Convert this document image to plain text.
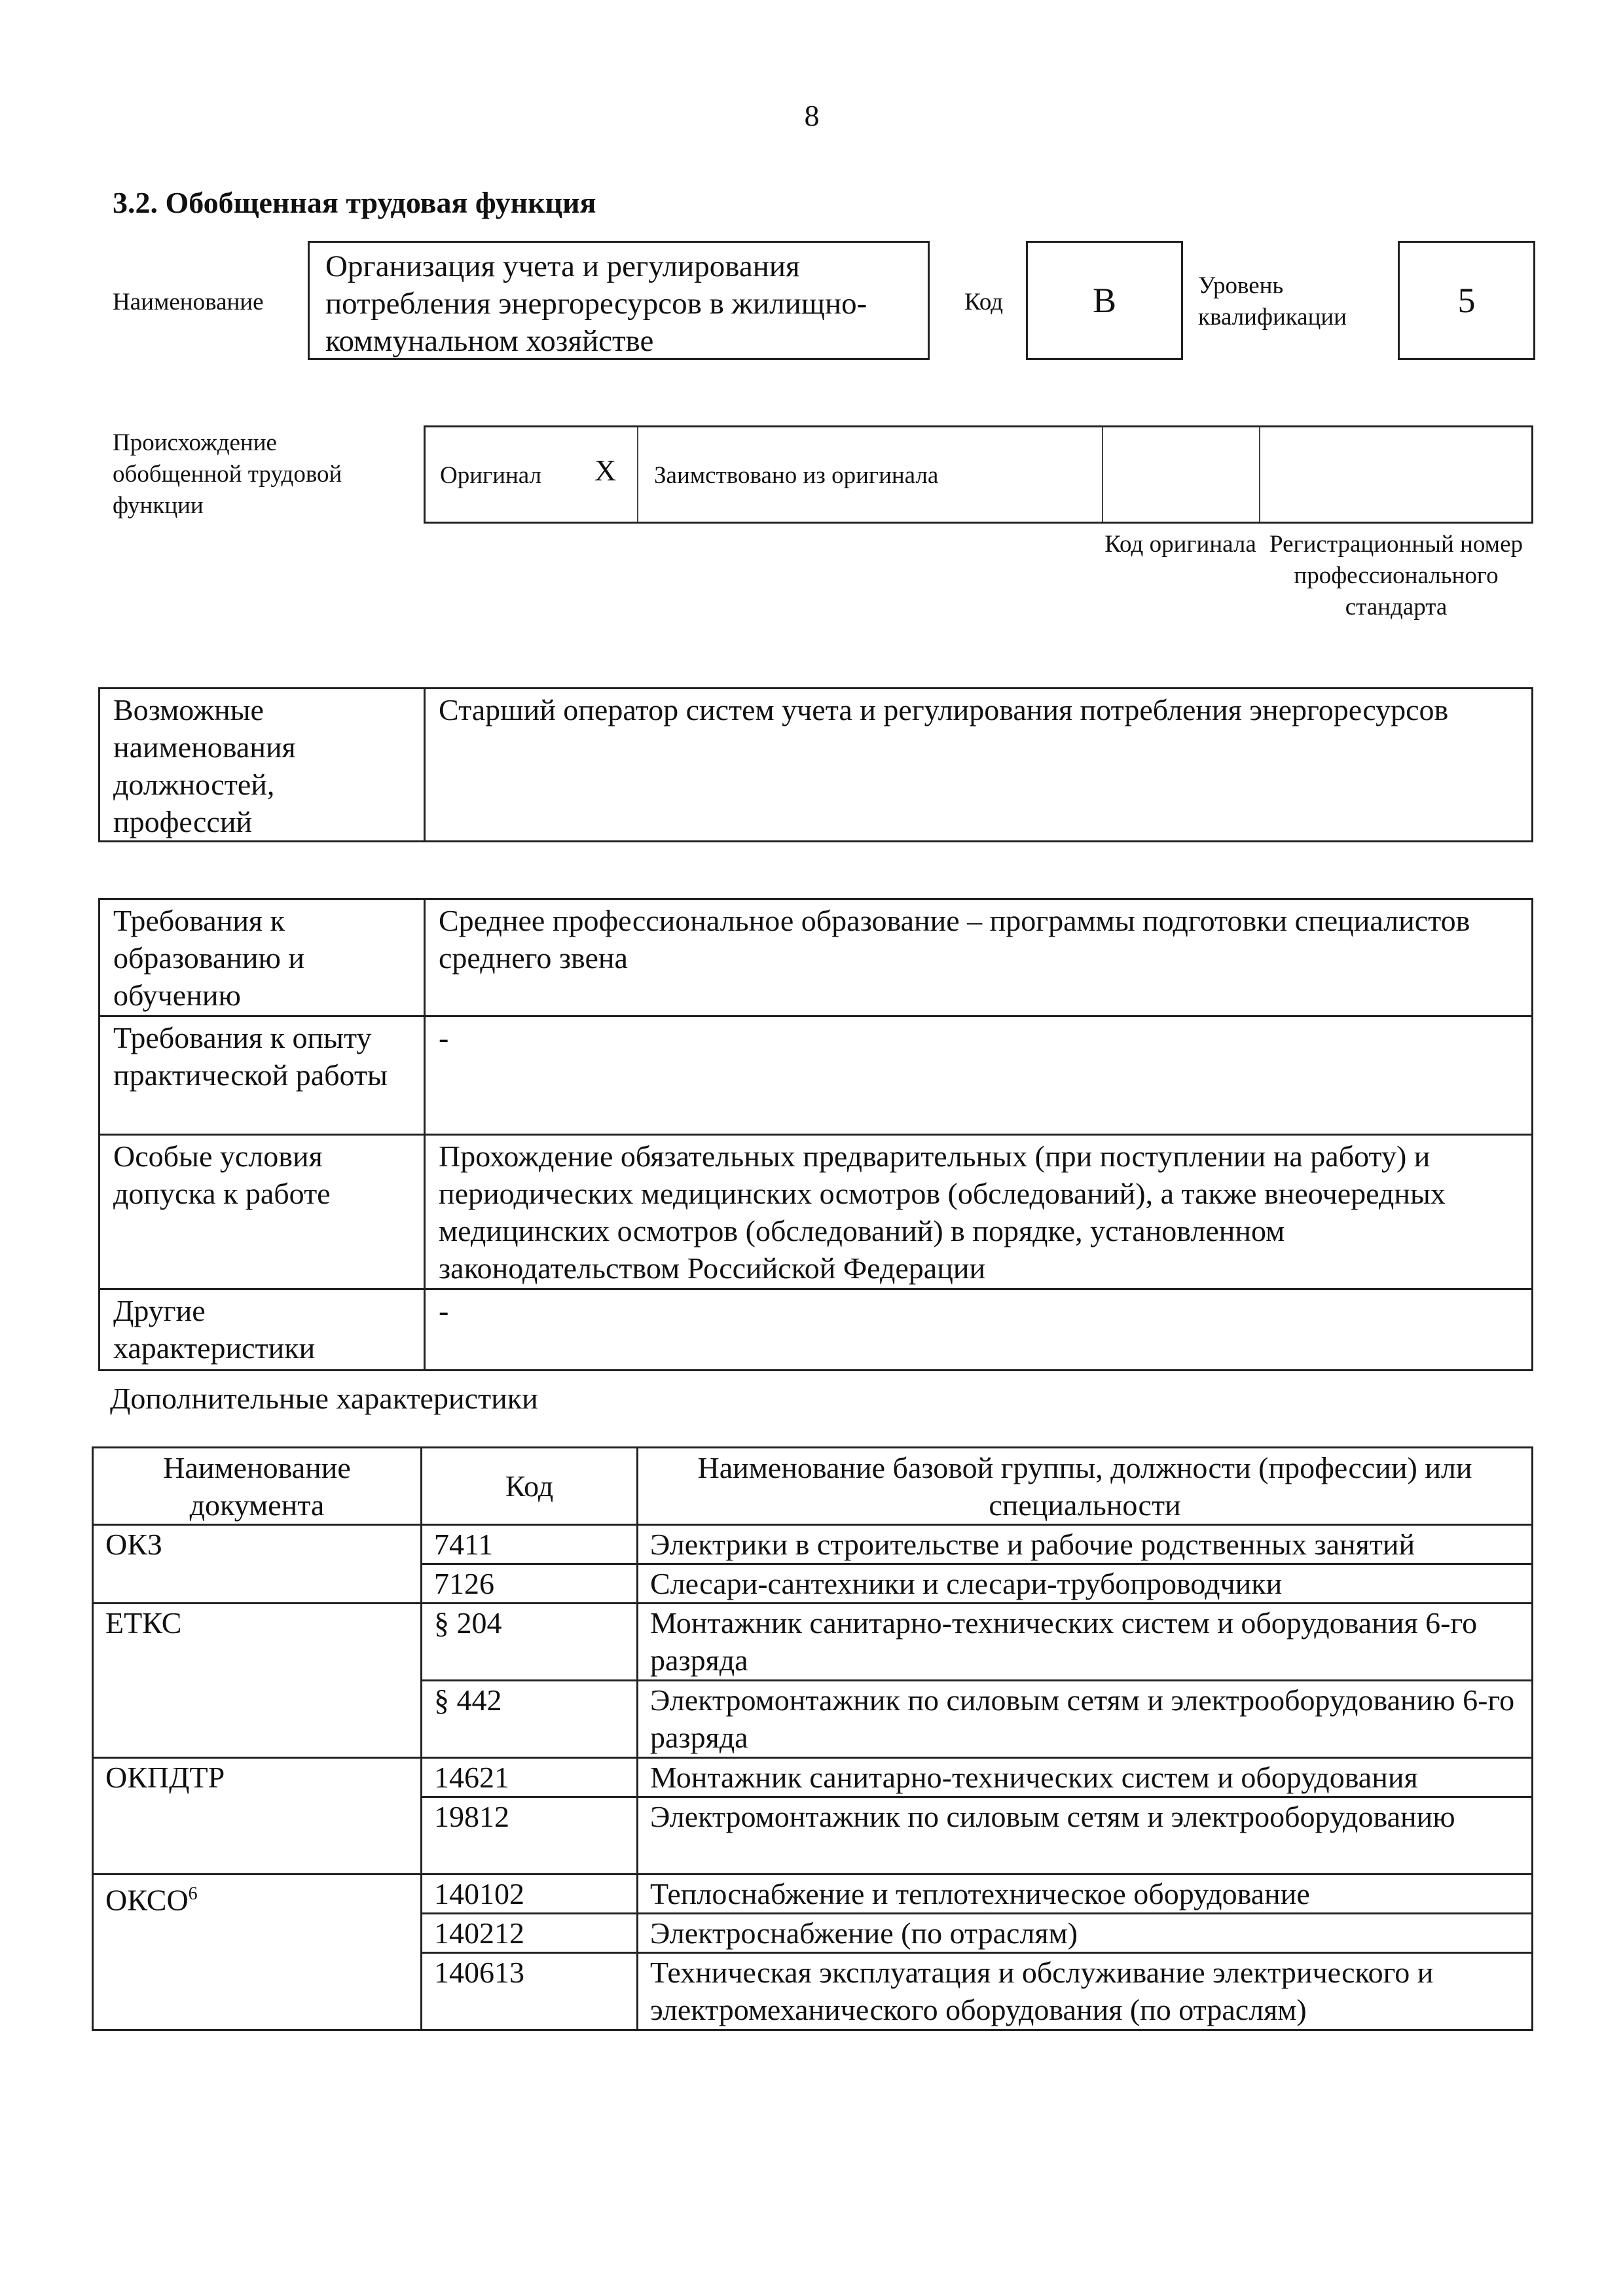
8
3.2. Обобщенная трудовая функция
Наименование
Организация учета и регулирования потребления энергоресурсов в жилищно-коммунальном хозяйстве
Код	B	Уровень квалификации	5
Происхождение обобщенной трудовой функции
Оригинал X	Заимствовано из оригинала
Код оригинала Регистрационный номер профессионального стандарта
Возможные наименования должностей, профессий	Старший оператор систем учета и регулирования потребления энергоресурсов
Требования к образованию и обучению	Среднее профессиональное образование – программы подготовки специалистов среднего звена
Требования к опыту практической работы	-
Особые условия допуска к работе	Прохождение обязательных предварительных (при поступлении на работу) и периодических медицинских осмотров (обследований), а также внеочередных медицинских осмотров (обследований) в порядке, установленном законодательством Российской Федерации
Другие характеристики	-
Дополнительные характеристики
Наименование документа	Код	Наименование базовой группы, должности (профессии) или специальности
ОКЗ	7411	Электрики в строительстве и рабочие родственных занятий
	7126	Слесари-сантехники и слесари-трубопроводчики
ЕТКС	§ 204	Монтажник санитарно-технических систем и оборудования 6-го разряда
	§ 442	Электромонтажник по силовым сетям и электрооборудованию 6-го разряда
ОКПДТР	14621	Монтажник санитарно-технических систем и оборудования
	19812	Электромонтажник по силовым сетям и электрооборудованию
ОКСО$^6$	140102	Теплоснабжение и теплотехническое оборудование
	140212	Электроснабжение (по отраслям)
	140613	Техническая эксплуатация и обслуживание электрического и электромеханического оборудования (по отраслям)
